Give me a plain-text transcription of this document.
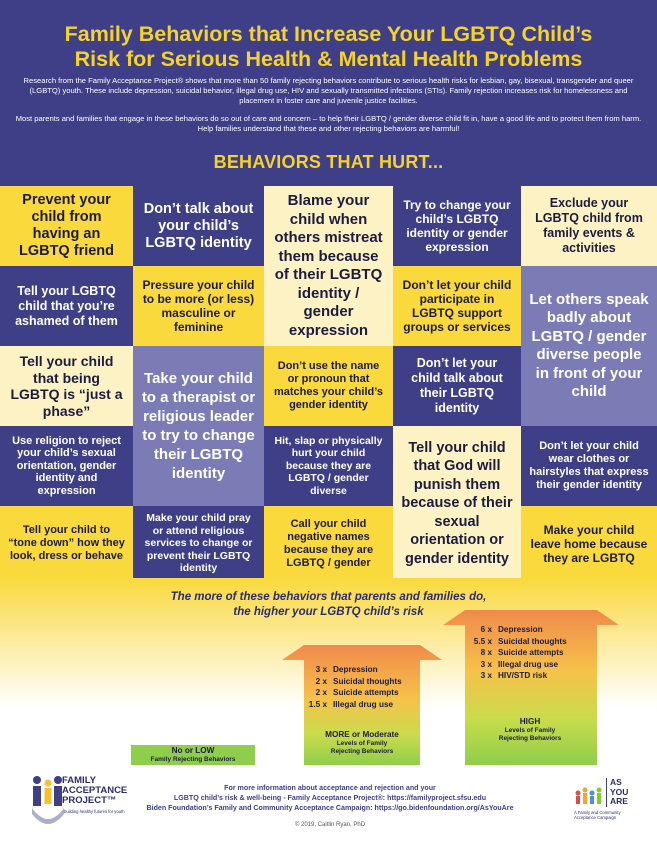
Family Behaviors that Increase Your LGBTQ Child’s
Risk for Serious Health & Mental Health Problems

Research from the Family Acceptance Project® shows that more than 50 family rejecting behaviors contribute to serious health risks for lesbian, gay, bisexual, transgender and queer (LGBTQ) youth. These include depression, suicidal behavior, illegal drug use, HIV and sexually transmitted infections (STIs). Family rejection increases risk for homelessness and placement in foster care and juvenile justice facilities.

Most parents and families that engage in these behaviors do so out of care and concern – to help their LGBTQ / gender diverse child fit in, have a good life and to protect them from harm. Help families understand that these and other rejecting behaviors are harmful!

BEHAVIORS THAT HURT...
Prevent your child from having an LGBTQ friend
Don’t talk about your child’s LGBTQ identity
Blame your child when others mistreat them because of their LGBTQ identity / gender expression
Try to change your child’s LGBTQ identity or gender expression
Exclude your LGBTQ child from family events & activities
Tell your LGBTQ child that you’re ashamed of them
Pressure your child to be more (or less) masculine or feminine
Don’t let your child participate in LGBTQ support groups or services
Let others speak badly about LGBTQ / gender diverse people in front of your child
Tell your child that being LGBTQ is “just a phase”
Take your child to a therapist or religious leader to try to change their LGBTQ identity
Don’t use the name or pronoun that matches your child’s gender identity
Don’t let your child talk about their LGBTQ identity
Use religion to reject your child’s sexual orientation, gender identity and expression
Hit, slap or physically hurt your child because they are LGBTQ / gender diverse
Tell your child that God will punish them because of their sexual orientation or gender identity
Don’t let your child wear clothes or hairstyles that express their gender identity
Tell your child to “tone down” how they look, dress or behave
Make your child pray or attend religious services to change or prevent their LGBTQ identity
Call your child negative names because they are LGBTQ / gender
Make your child leave home because they are LGBTQ
The more of these behaviors that parents and families do,
the higher your LGBTQ child’s risk
No or LOW
Family Rejecting Behaviors
3 x Depression
2 x Suicidal thoughts
2 x Suicide attempts
1.5 x Illegal drug use
MORE or Moderate
Levels of Family
Rejecting Behaviors
6 x Depression
5.5 x Suicidal thoughts
8 x Suicide attempts
3 x Illegal drug use
3 x HIV/STD risk
HIGH
Levels of Family
Rejecting Behaviors
FAMILY
ACCEPTANCE
PROJECT™
building healthy futures for youth
For more information about acceptance and rejection and your
LGBTQ child’s risk & well-being - Family Acceptance Project®: https://familyproject.sfsu.edu
Biden Foundation’s Family and Community Acceptance Campaign: https://go.bidenfoundation.org/AsYouAre
© 2019, Caitlin Ryan, PhD
AS
YOU
ARE
A Family and Community Acceptance Campaign
